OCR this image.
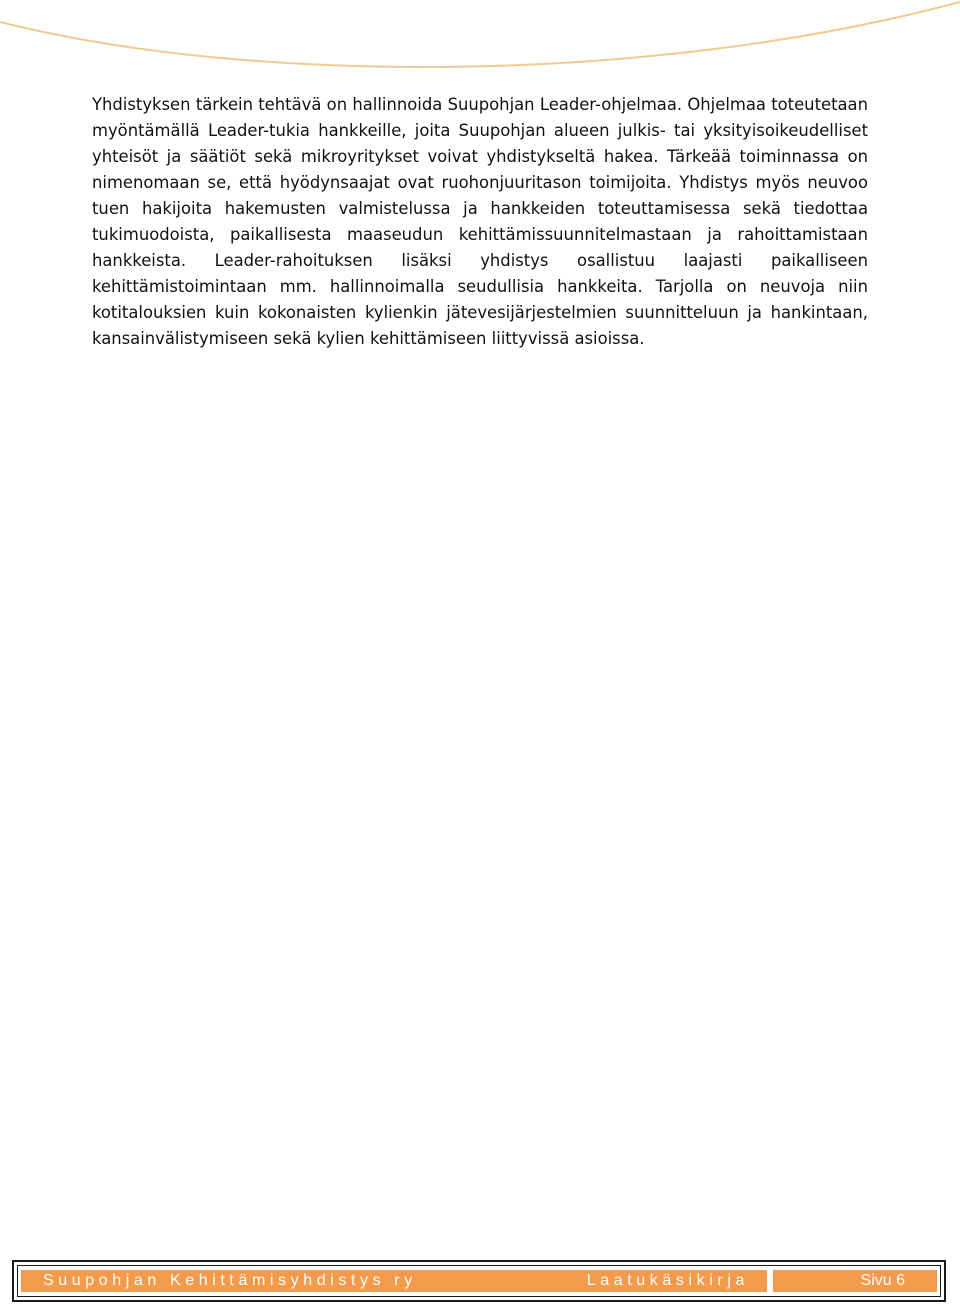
Yhdistyksen tärkein tehtävä on hallinnoida Suupohjan Leader-ohjelmaa. Ohjelmaa toteutetaan myöntämällä Leader-tukia hankkeille, joita Suupohjan alueen julkis- tai yksityisoikeudelliset yhteisöt ja säätiöt sekä mikroyritykset voivat yhdistykseltä hakea. Tärkeää toiminnassa on nimenomaan se, että hyödynsaajat ovat ruohonjuuritason toimijoita. Yhdistys myös neuvoo tuen hakijoita hakemusten valmistelussa ja hankkeiden toteuttamisessa sekä tiedottaa tukimuodoista, paikallisesta maaseudun kehittämissuunnitelmastaan ja rahoittamistaan hankkeista. Leader-rahoituksen lisäksi yhdistys osallistuu laajasti paikalliseen kehittämistoimintaan mm. hallinnoimalla seudullisia hankkeita. Tarjolla on neuvoja niin kotitalouksien kuin kokonaisten kylienkin jätevesijärjestelmien suunnitteluun ja hankintaan, kansainvälistymiseen sekä kylien kehittämiseen liittyvissä asioissa.

Suupohjan Kehittämisyhdistys ry	Laatukäsikirja	Sivu 6
